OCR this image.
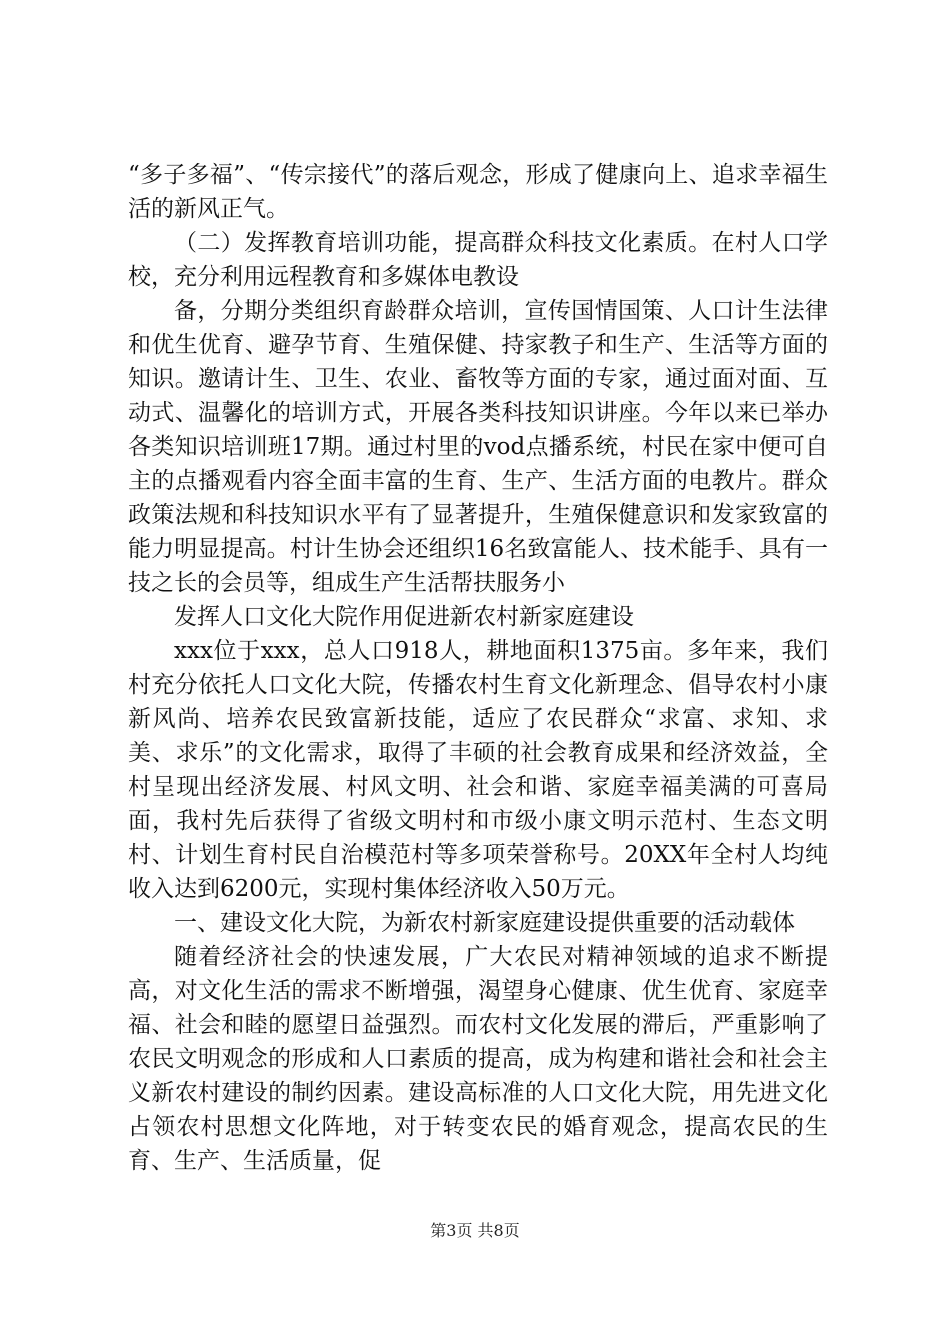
“多子多福”、“传宗接代”的落后观念，形成了健康向上、追求幸福生活的新风正气。

（二）发挥教育培训功能，提高群众科技文化素质。在村人口学校，充分利用远程教育和多媒体电教设

备，分期分类组织育龄群众培训，宣传国情国策、人口计生法律和优生优育、避孕节育、生殖保健、持家教子和生产、生活等方面的知识。邀请计生、卫生、农业、畜牧等方面的专家，通过面对面、互动式、温馨化的培训方式，开展各类科技知识讲座。今年以来已举办各类知识培训班17期。通过村里的vod点播系统，村民在家中便可自主的点播观看内容全面丰富的生育、生产、生活方面的电教片。群众政策法规和科技知识水平有了显著提升，生殖保健意识和发家致富的能力明显提高。村计生协会还组织16名致富能人、技术能手、具有一技之长的会员等，组成生产生活帮扶服务小

发挥人口文化大院作用促进新农村新家庭建设

xxx位于xxx，总人口918人，耕地面积1375亩。多年来，我们村充分依托人口文化大院，传播农村生育文化新理念、倡导农村小康新风尚、培养农民致富新技能，适应了农民群众“求富、求知、求美、求乐”的文化需求，取得了丰硕的社会教育成果和经济效益，全村呈现出经济发展、村风文明、社会和谐、家庭幸福美满的可喜局面，我村先后获得了省级文明村和市级小康文明示范村、生态文明村、计划生育村民自治模范村等多项荣誉称号。20XX年全村人均纯收入达到6200元，实现村集体经济收入50万元。

一、建设文化大院，为新农村新家庭建设提供重要的活动载体

随着经济社会的快速发展，广大农民对精神领域的追求不断提高，对文化生活的需求不断增强，渴望身心健康、优生优育、家庭幸福、社会和睦的愿望日益强烈。而农村文化发展的滞后，严重影响了农民文明观念的形成和人口素质的提高，成为构建和谐社会和社会主义新农村建设的制约因素。建设高标准的人口文化大院，用先进文化占领农村思想文化阵地，对于转变农民的婚育观念，提高农民的生育、生产、生活质量，促

第3页 共8页
